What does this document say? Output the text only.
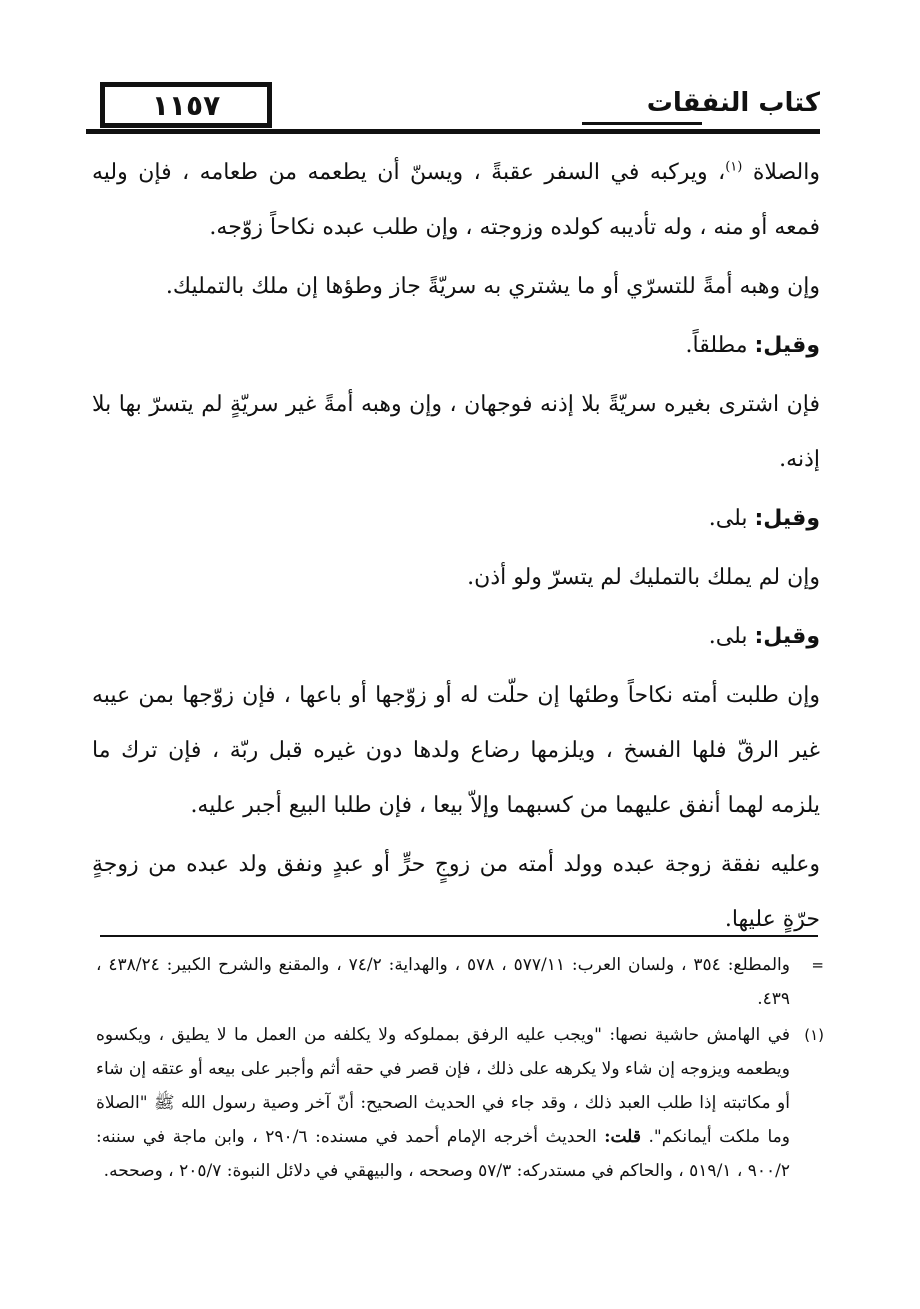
١١٥٧	كتاب النفقات

والصلاة $^{(١)}$، ويركبه في السفر عقبةً ، ويسنّ أن يطعمه من طعامه ، فإن وليه فمعه أو منه ، وله تأديبه كولده وزوجته ، وإن طلب عبده نكاحاً زوّجه.

وإن وهبه أمةً للتسرّي أو ما يشتري به سريّةً جاز وطؤها إن ملك بالتمليك.

وقيل: مطلقاً.

فإن اشترى بغيره سريّةً بلا إذنه فوجهان ، وإن وهبه أمةً غير سريّةٍ لم يتسرّ بها بلا إذنه.

وقيل: بلى.

وإن لم يملك بالتمليك لم يتسرّ ولو أذن.

وقيل: بلى.

وإن طلبت أمته نكاحاً وطئها إن حلّت له أو زوّجها أو باعها ، فإن زوّجها بمن عيبه غير الرقّ فلها الفسخ ، ويلزمها رضاع ولدها دون غيره قبل ربّة ، فإن ترك ما يلزمه لهما أنفق عليهما من كسبهما وإلاّ بيعا ، فإن طلبا البيع أجبر عليه.

وعليه نفقة زوجة عبده وولد أمته من زوجٍ حرٍّ أو عبدٍ ونفق ولد عبده من زوجةٍ حرّةٍ عليها.

=
والمطلع: ٣٥٤ ، ولسان العرب: ٥٧٧/١١ ، ٥٧٨ ، والهداية: ٧٤/٢ ، والمقنع والشرح الكبير: ٤٣٨/٢٤ ، ٤٣٩.
(١)
في الهامش حاشية نصها: "ويجب عليه الرفق بمملوكه ولا يكلفه من العمل ما لا يطيق ، ويكسوه ويطعمه ويزوجه إن شاء ولا يكرهه على ذلك ، فإن قصر في حقه أثم وأجبر على بيعه أو عتقه إن شاء أو مكاتبته إذا طلب العبد ذلك ، وقد جاء في الحديث الصحيح: أنّ آخر وصية رسول الله ﷺ "الصلاة وما ملكت أيمانكم". قلت: الحديث أخرجه الإمام أحمد في مسنده: ٢٩٠/٦ ، وابن ماجة في سننه: ٩٠٠/٢ ، ٥١٩/١ ، والحاكم في مستدركه: ٥٧/٣ وصححه ، والبيهقي في دلائل النبوة: ٢٠٥/٧ ، وصححه.
